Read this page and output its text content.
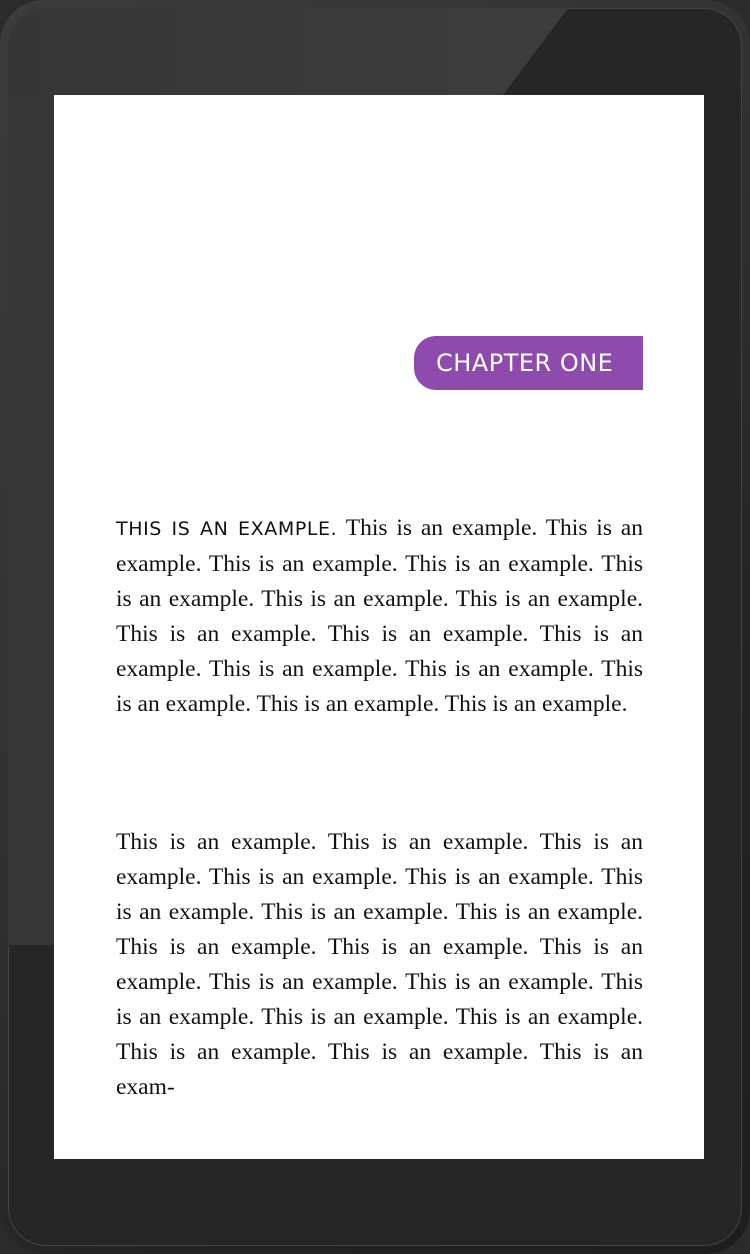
CHAPTER ONE

THIS IS AN EXAMPLE. This is an example. This is an example. This is an example. This is an example. This is an example. This is an example. This is an example. This is an example. This is an example. This is an example. This is an example. This is an example. This is an example. This is an example. This is an example.

This is an example. This is an example. This is an example. This is an example. This is an example. This is an example. This is an example. This is an example. This is an example. This is an example. This is an example. This is an example. This is an example. This is an example. This is an example. This is an example. This is an example. This is an example. This is an exam-
